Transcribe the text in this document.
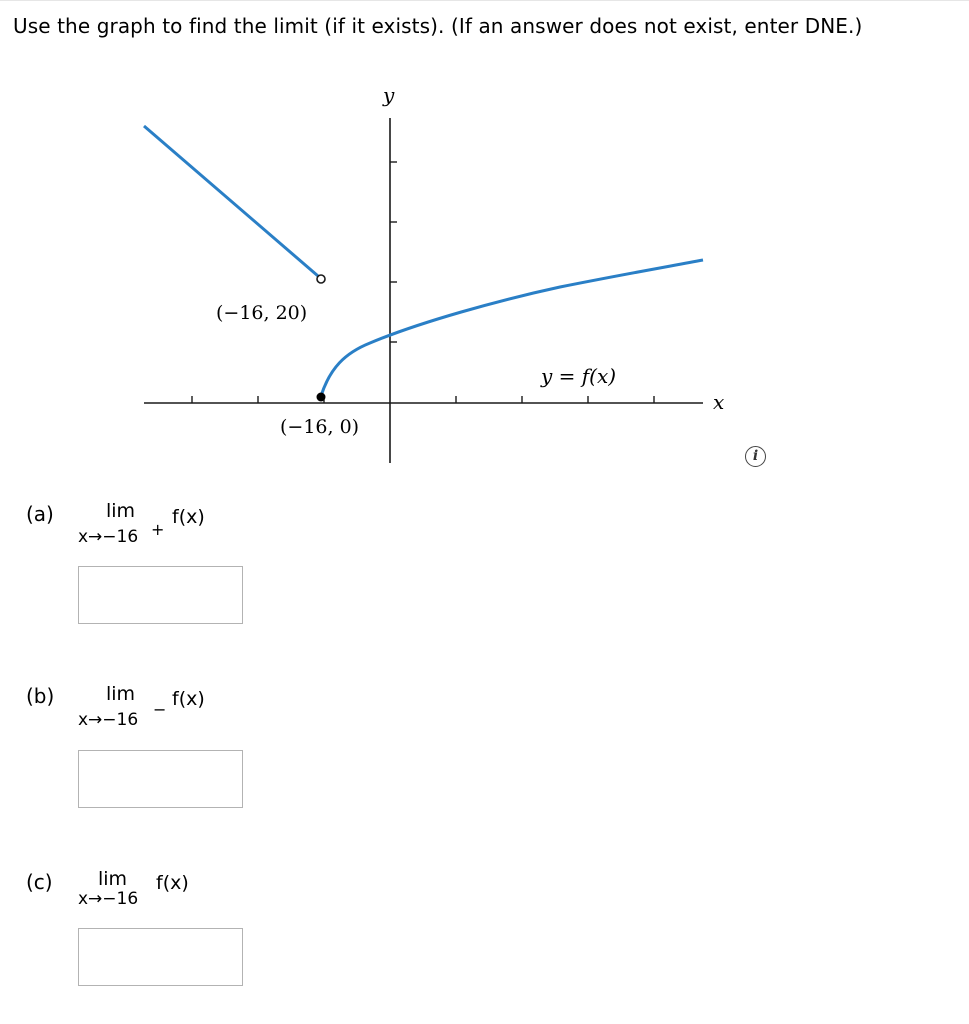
Use the graph to find the limit (if it exists). (If an answer does not exist, enter DNE.)
y
x
y = f(x)
(−16, 20)
(−16, 0)
i
(a)	lim
x→−16 +
f(x)
(b)	lim
x→−16
− f(x)
(c) lim
x→−16
f(x)
